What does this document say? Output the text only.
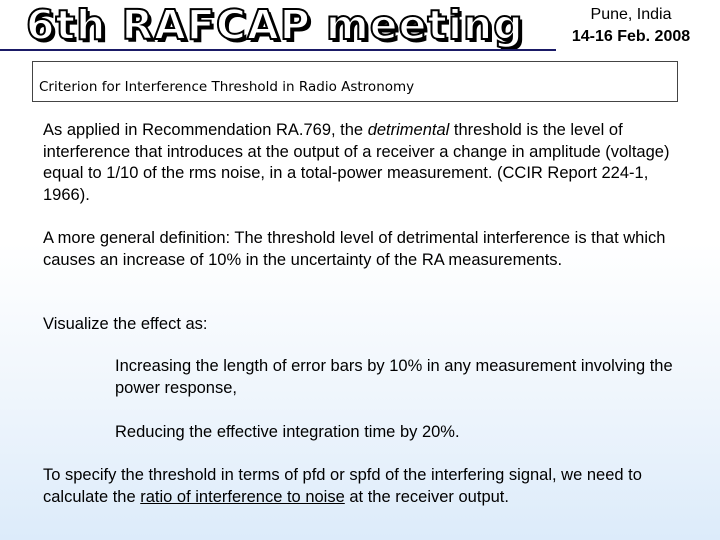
6th RAFCAP meeting	Pune, India
14-16 Feb. 2008
Criterion for Interference Threshold in Radio Astronomy

As applied in Recommendation RA.769, the detrimental threshold is the level of interference that introduces at the output of a receiver a change in amplitude (voltage) equal to 1/10 of the rms noise, in a total-power measurement. (CCIR Report 224-1, 1966).

A more general definition: The threshold level of detrimental interference is that which causes an increase of 10% in the uncertainty of the RA measurements.

Visualize the effect as:

Increasing the length of error bars by 10% in any measurement involving the power response,

Reducing the effective integration time by 20%.

To specify the threshold in terms of pfd or spfd of the interfering signal, we need to calculate the ratio of interference to noise at the receiver output.
